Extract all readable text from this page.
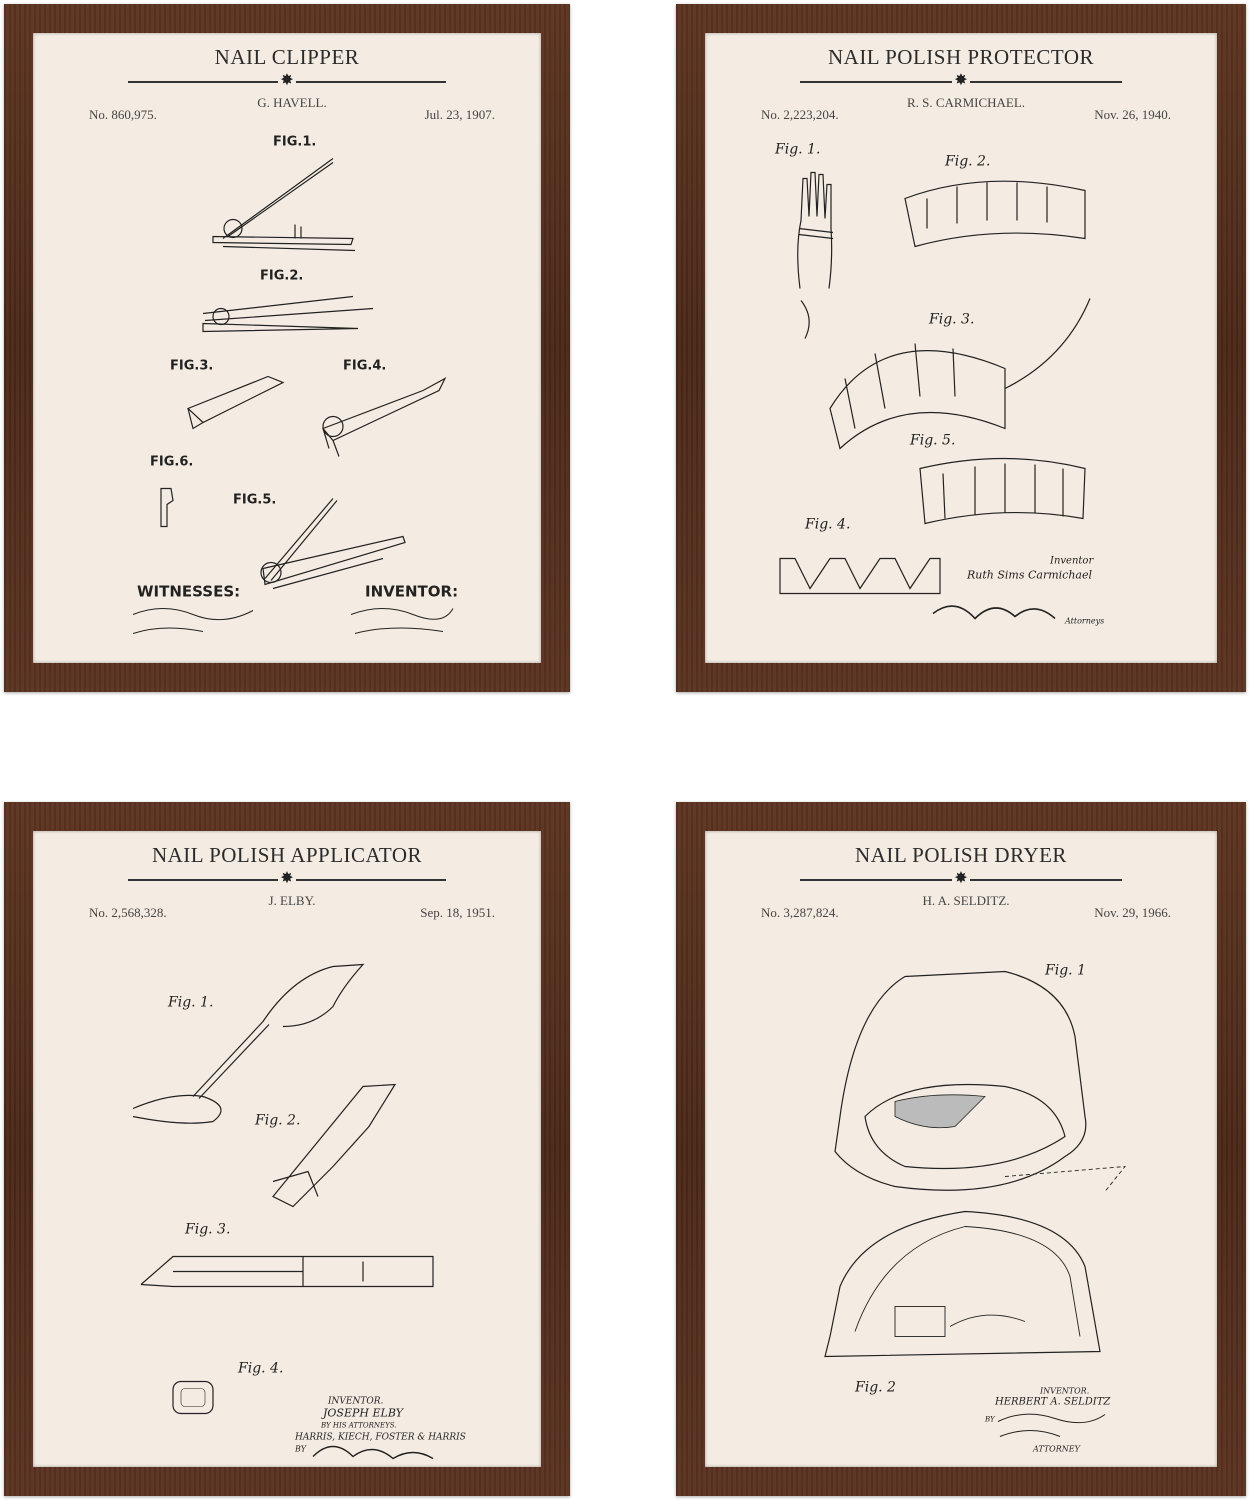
NAIL CLIPPER
✸
No. 860,975.
G. HAVELL.
Jul. 23, 1907.
FIG.1.
FIG.2.
FIG.3.	FIG.4.
FIG.6.
FIG.5.
WITNESSES:	INVENTOR:
NAIL POLISH PROTECTOR
✸
No. 2,223,204.
R. S. CARMICHAEL.
Nov. 26, 1940.
Fig. 1.
Fig. 2.
Fig. 3.
Fig. 5.
Fig. 4.
Inventor
Ruth Sims Carmichael
Attorneys
NAIL POLISH APPLICATOR
✸
No. 2,568,328.
J. ELBY.
Sep. 18, 1951.
Fig. 1.
Fig. 2.
Fig. 3.
Fig. 4.
INVENTOR.
JOSEPH ELBY
BY HIS ATTORNEYS.
HARRIS, KIECH, FOSTER & HARRIS
BY
NAIL POLISH DRYER
✸
No. 3,287,824.
H. A. SELDITZ.
Nov. 29, 1966.
Fig. 1
Fig. 2	INVENTOR.
HERBERT A. SELDITZ
BY
ATTORNEY
